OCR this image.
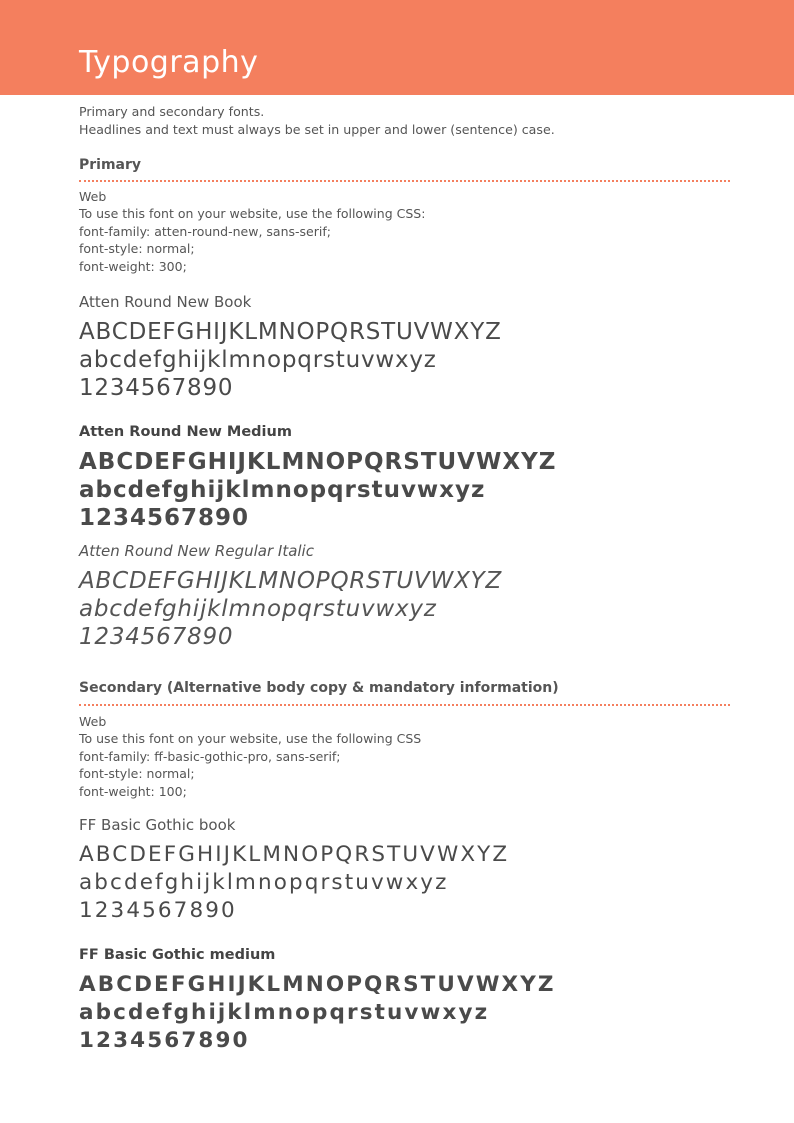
Typography
Primary and secondary fonts.
Headlines and text must always be set in upper and lower (sentence) case.
Primary
Web
To use this font on your website, use the following CSS:
font-family: atten-round-new, sans-serif;
font-style: normal;
font-weight: 300;
Atten Round New Book
ABCDEFGHIJKLMNOPQRSTUVWXYZ
abcdefghijklmnopqrstuvwxyz
1234567890
Atten Round New Medium
ABCDEFGHIJKLMNOPQRSTUVWXYZ
abcdefghijklmnopqrstuvwxyz
1234567890
Atten Round New Regular Italic
ABCDEFGHIJKLMNOPQRSTUVWXYZ
abcdefghijklmnopqrstuvwxyz
1234567890
Secondary (Alternative body copy & mandatory information)
Web
To use this font on your website, use the following CSS
font-family: ff-basic-gothic-pro, sans-serif;
font-style: normal;
font-weight: 100;
FF Basic Gothic book
ABCDEFGHIJKLMNOPQRSTUVWXYZ
abcdefghijklmnopqrstuvwxyz
1234567890
FF Basic Gothic medium
ABCDEFGHIJKLMNOPQRSTUVWXYZ
abcdefghijklmnopqrstuvwxyz
1234567890
